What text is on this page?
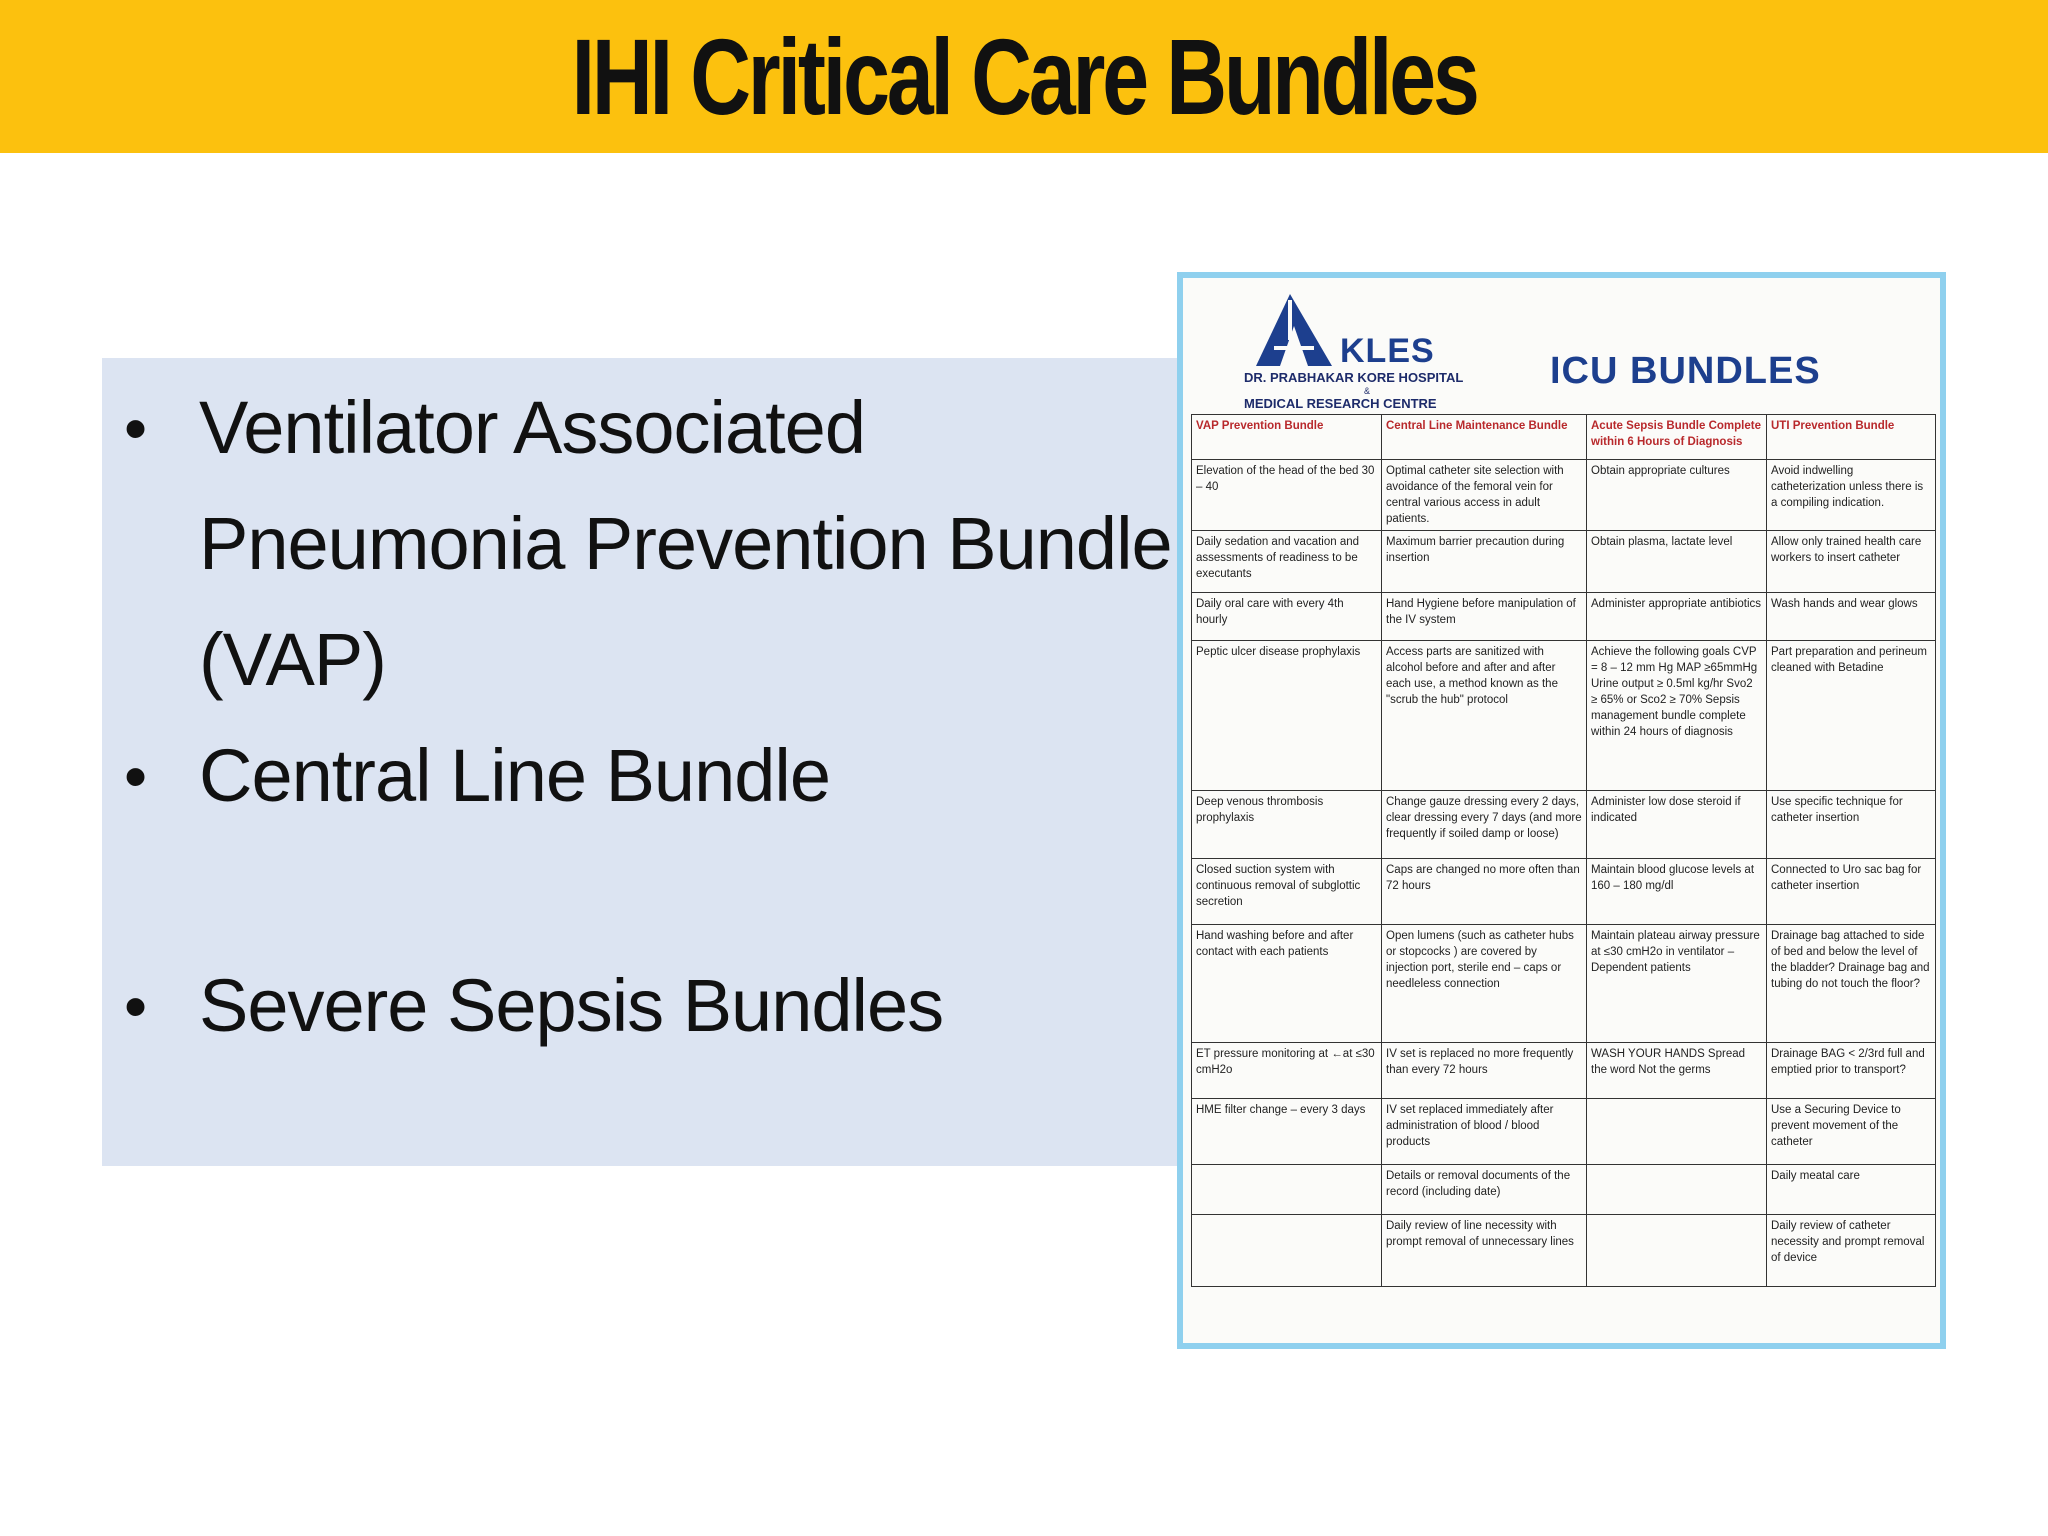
IHI Critical Care Bundles
• Ventilator Associated Pneumonia Prevention Bundle (VAP)
• Central Line Bundle
• Severe Sepsis Bundles
KLES
DR. PRABHAKAR KORE HOSPITAL
&
MEDICAL RESEARCH CENTRE
ICU BUNDLES
VAP Prevention Bundle	Central Line Maintenance Bundle	Acute Sepsis Bundle Complete within 6 Hours of Diagnosis	UTI Prevention Bundle
Elevation of the head of the bed 30 – 40	Optimal catheter site selection with avoidance of the femoral vein for central various access in adult patients.	Obtain appropriate cultures	Avoid indwelling catheterization unless there is a compiling indication.
Daily sedation and vacation and assessments of readiness to be executants	Maximum barrier precaution during insertion	Obtain plasma, lactate level	Allow only trained health care workers to insert catheter
Daily oral care with every 4th hourly	Hand Hygiene before manipulation of the IV system	Administer appropriate antibiotics	Wash hands and wear glows
Peptic ulcer disease prophylaxis	Access parts are sanitized with alcohol before and after and after each use, a method known as the "scrub the hub" protocol	Achieve the following goals CVP = 8 – 12 mm Hg MAP ≥65mmHg Urine output ≥ 0.5ml kg/hr Svo2 ≥ 65% or Sco2 ≥ 70% Sepsis management bundle complete within 24 hours of diagnosis	Part preparation and perineum cleaned with Betadine
Deep venous thrombosis prophylaxis	Change gauze dressing every 2 days, clear dressing every 7 days (and more frequently if soiled damp or loose)	Administer low dose steroid if indicated	Use specific technique for catheter insertion
Closed suction system with continuous removal of subglottic secretion	Caps are changed no more often than 72 hours	Maintain blood glucose levels at 160 – 180 mg/dl	Connected to Uro sac bag for catheter insertion
Hand washing before and after contact with each patients	Open lumens (such as catheter hubs or stopcocks ) are covered by injection port, sterile end – caps or needleless connection	Maintain plateau airway pressure at ≤30 cmH2o in ventilator – Dependent patients	Drainage bag attached to side of bed and below the level of the bladder? Drainage bag and tubing do not touch the floor?
ET pressure monitoring at ←at ≤30 cmH2o	IV set is replaced no more frequently than every 72 hours	WASH YOUR HANDS Spread the word Not the germs	Drainage BAG < 2/3rd full and emptied prior to transport?
HME filter change – every 3 days	IV set replaced immediately after administration of blood / blood products		Use a Securing Device to prevent movement of the catheter
	Details or removal documents of the record (including date)		Daily meatal care
	Daily review of line necessity with prompt removal of unnecessary lines		Daily review of catheter necessity and prompt removal of device
